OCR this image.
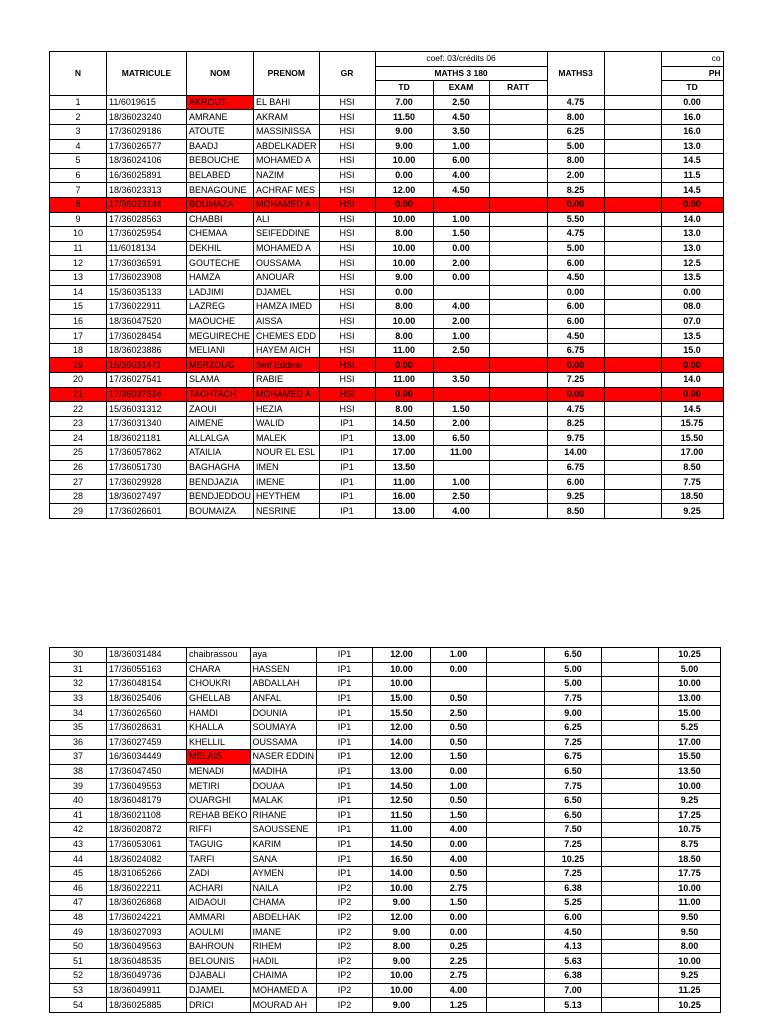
N	MATRICULE	NOM	PRENOM	GR	coef: 03/crédits 06			MATHS3		co
					MATHS 3 180					PH
					TD	EXAM	RATT			TD
1	11/6019615	AKROUT	EL BAHI	HSI	7.00	2.50		4.75		0.00
2	18/36023240	AMRANE	AKRAM	HSI	11.50	4.50		8.00		16.0
3	17/36029186	ATOUTE	MASSINISSA	HSI	9.00	3.50		6.25		16.0
4	17/36026577	BAADJ	ABDELKADER	HSI	9.00	1.00		5.00		13.0
5	18/36024106	BEBOUCHE	MOHAMED A	HSI	10.00	6.00		8.00		14.5
6	16/36025891	BELABED	NAZIM	HSI	0.00	4.00		2.00		11.5
7	18/36023313	BENAGOUNE	ACHRAF MES	HSI	12.00	4.50		8.25		14.5
8	17/36023144	BOUMAZA	MOHAMED A	HSI	0.00			0.00		0.00
9	17/36028563	CHABBI	ALI	HSI	10.00	1.00		5.50		14.0
10	17/36025954	CHEMAA	SEIFEDDINE	HSI	8.00	1.50		4.75		13.0
11	11/6018134	DEKHIL	MOHAMED A	HSI	10.00	0.00		5.00		13.0
12	17/36036591	GOUTECHE	OUSSAMA	HSI	10.00	2.00		6.00		12.5
13	17/36023908	HAMZA	ANOUAR	HSI	9.00	0.00		4.50		13.5
14	15/36035133	LADJIMI	DJAMEL	HSI	0.00			0.00		0.00
15	17/36022911	LAZREG	HAMZA IMED	HSI	8.00	4.00		6.00		08.0
16	18/36047520	MAOUCHE	AISSA	HSI	10.00	2.00		6.00		07.0
17	17/36028454	MEGUIRECHE	CHEMES EDD	HSI	8.00	1.00		4.50		13.5
18	18/36023886	MELIANI	HAYEM AICH	HSI	11.00	2.50		6.75		15.0
19	15/36031471	MERZOUG	Seif Eddine	HSI	0.00			0.00		0.00
20	17/36027541	SLAMA	RABIE	HSI	11.00	3.50		7.25		14.0
21	17/36037534	TACHTACH	MOHAMED A	HSI	0.00			0.00		0.00
22	15/36031312	ZAOUI	HEZIA	HSI	8.00	1.50		4.75		14.5
23	17/36031340	AIMENE	WALID	IP1	14.50	2.00		8.25		15.75
24	18/36021181	ALLALGA	MALEK	IP1	13.00	6.50		9.75		15.50
25	17/36057862	ATAILIA	NOUR EL ESL	IP1	17.00	11.00		14.00		17.00
26	17/36051730	BAGHAGHA	IMEN	IP1	13.50			6.75		8.50
27	17/36029928	BENDJAZIA	IMENE	IP1	11.00	1.00		6.00		7.75
28	18/36027497	BENDJEDDOU	HEYTHEM	IP1	16.00	2.50		9.25		18.50
29	17/36026601	BOUMAIZA	NESRINE	IP1	13.00	4.00		8.50		9.25
30	18/36031484	chaibrassou	aya	IP1	12.00	1.00		6.50		10.25
31	17/36055163	CHARA	HASSEN	IP1	10.00	0.00		5.00		5.00
32	17/36048154	CHOUKRI	ABDALLAH	IP1	10.00			5.00		10.00
33	18/36025406	GHELLAB	ANFAL	IP1	15.00	0.50		7.75		13.00
34	17/36026560	HAMDI	DOUNIA	IP1	15.50	2.50		9.00		15.00
35	17/36028631	KHALLA	SOUMAYA	IP1	12.00	0.50		6.25		5.25
36	17/36027459	KHELLIL	OUSSAMA	IP1	14.00	0.50		7.25		17.00
37	16/36034449	MELAIS	NASER EDDIN	IP1	12.00	1.50		6.75		15.50
38	17/36047450	MENADI	MADIHA	IP1	13.00	0.00		6.50		13.50
39	17/36049553	METIRI	DOUAA	IP1	14.50	1.00		7.75		10.00
40	18/36048179	OUARGHI	MALAK	IP1	12.50	0.50		6.50		9.25
41	18/36021108	REHAB BEKO	RIHANE	IP1	11.50	1.50		6.50		17.25
42	18/36020872	RIFFI	SAOUSSENE	IP1	11.00	4.00		7.50		10.75
43	17/36053061	TAGUIG	KARIM	IP1	14.50	0.00		7.25		8.75
44	18/36024082	TARFI	SANA	IP1	16.50	4.00		10.25		18.50
45	18/31065266	ZADI	AYMEN	IP1	14.00	0.50		7.25		17.75
46	18/36022211	ACHARI	NAILA	IP2	10.00	2.75		6.38		10.00
47	18/36026868	AIDAOUI	CHAMA	IP2	9.00	1.50		5.25		11.00
48	17/36024221	AMMARI	ABDELHAK	IP2	12.00	0.00		6.00		9.50
49	18/36027093	AOULMI	IMANE	IP2	9.00	0.00		4.50		9.50
50	18/36049563	BAHROUN	RIHEM	IP2	8.00	0.25		4.13		8.00
51	18/36048535	BELOUNIS	HADIL	IP2	9.00	2.25		5.63		10.00
52	18/36049736	DJABALI	CHAIMA	IP2	10.00	2.75		6.38		9.25
53	18/36049911	DJAMEL	MOHAMED A	IP2	10.00	4.00		7.00		11.25
54	18/36025885	DRICI	MOURAD AH	IP2	9.00	1.25		5.13		10.25
